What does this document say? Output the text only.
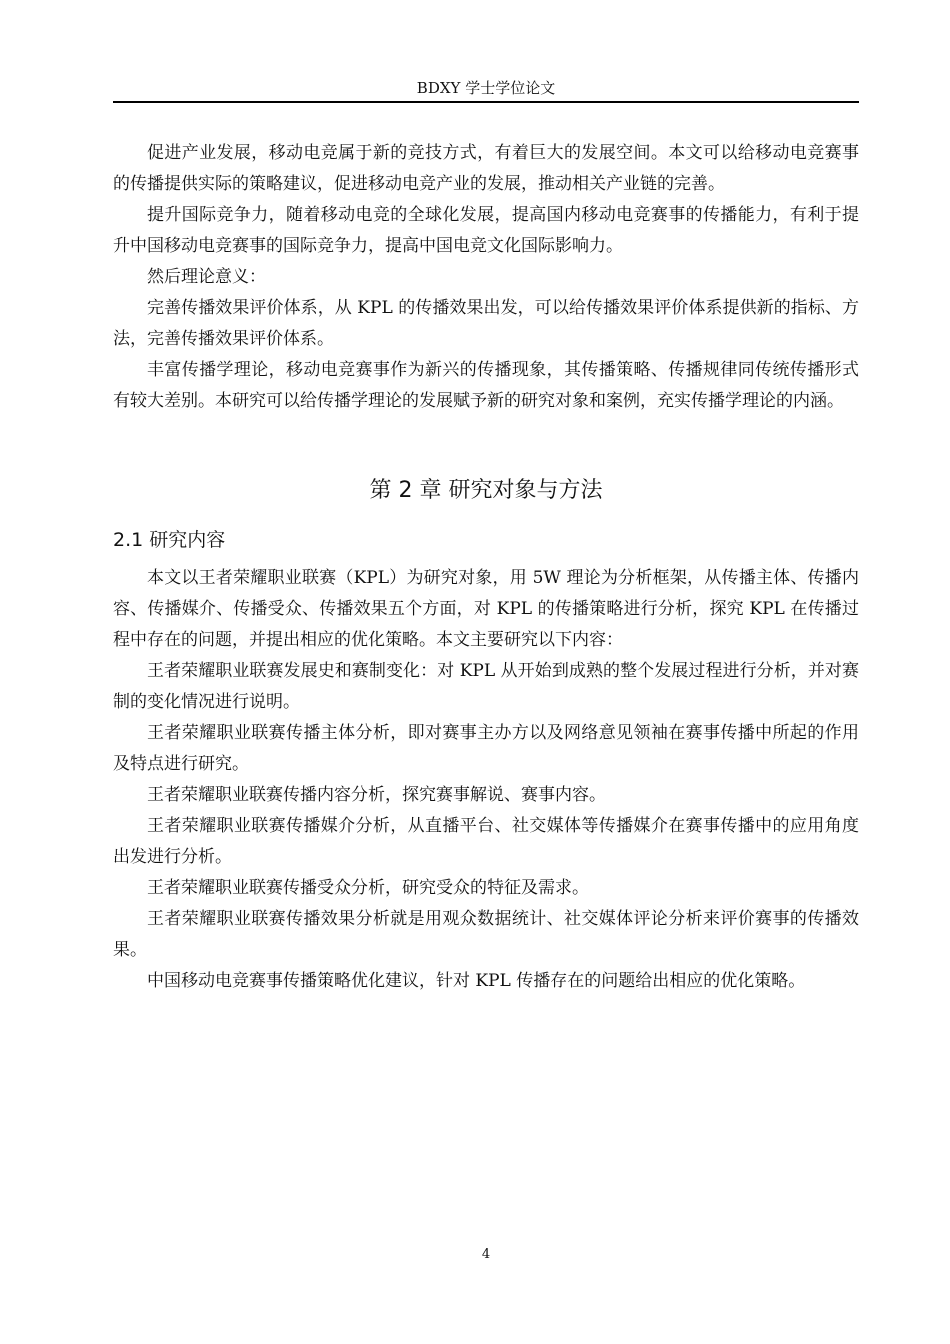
BDXY 学士学位论文

促进产业发展，移动电竞属于新的竞技方式，有着巨大的发展空间。本文可以给移动电竞赛事的传播提供实际的策略建议，促进移动电竞产业的发展，推动相关产业链的完善。

提升国际竞争力，随着移动电竞的全球化发展，提高国内移动电竞赛事的传播能力，有利于提升中国移动电竞赛事的国际竞争力，提高中国电竞文化国际影响力。

然后理论意义：

完善传播效果评价体系，从 KPL 的传播效果出发，可以给传播效果评价体系提供新的指标、方法，完善传播效果评价体系。

丰富传播学理论，移动电竞赛事作为新兴的传播现象，其传播策略、传播规律同传统传播形式有较大差别。本研究可以给传播学理论的发展赋予新的研究对象和案例，充实传播学理论的内涵。

第 2 章 研究对象与方法
2.1 研究内容

本文以王者荣耀职业联赛（KPL）为研究对象，用 5W 理论为分析框架，从传播主体、传播内容、传播媒介、传播受众、传播效果五个方面，对 KPL 的传播策略进行分析，探究 KPL 在传播过程中存在的问题，并提出相应的优化策略。本文主要研究以下内容：

王者荣耀职业联赛发展史和赛制变化：对 KPL 从开始到成熟的整个发展过程进行分析，并对赛制的变化情况进行说明。

王者荣耀职业联赛传播主体分析，即对赛事主办方以及网络意见领袖在赛事传播中所起的作用及特点进行研究。

王者荣耀职业联赛传播内容分析，探究赛事解说、赛事内容。

王者荣耀职业联赛传播媒介分析，从直播平台、社交媒体等传播媒介在赛事传播中的应用角度出发进行分析。

王者荣耀职业联赛传播受众分析，研究受众的特征及需求。

王者荣耀职业联赛传播效果分析就是用观众数据统计、社交媒体评论分析来评价赛事的传播效果。

中国移动电竞赛事传播策略优化建议，针对 KPL 传播存在的问题给出相应的优化策略。

4
